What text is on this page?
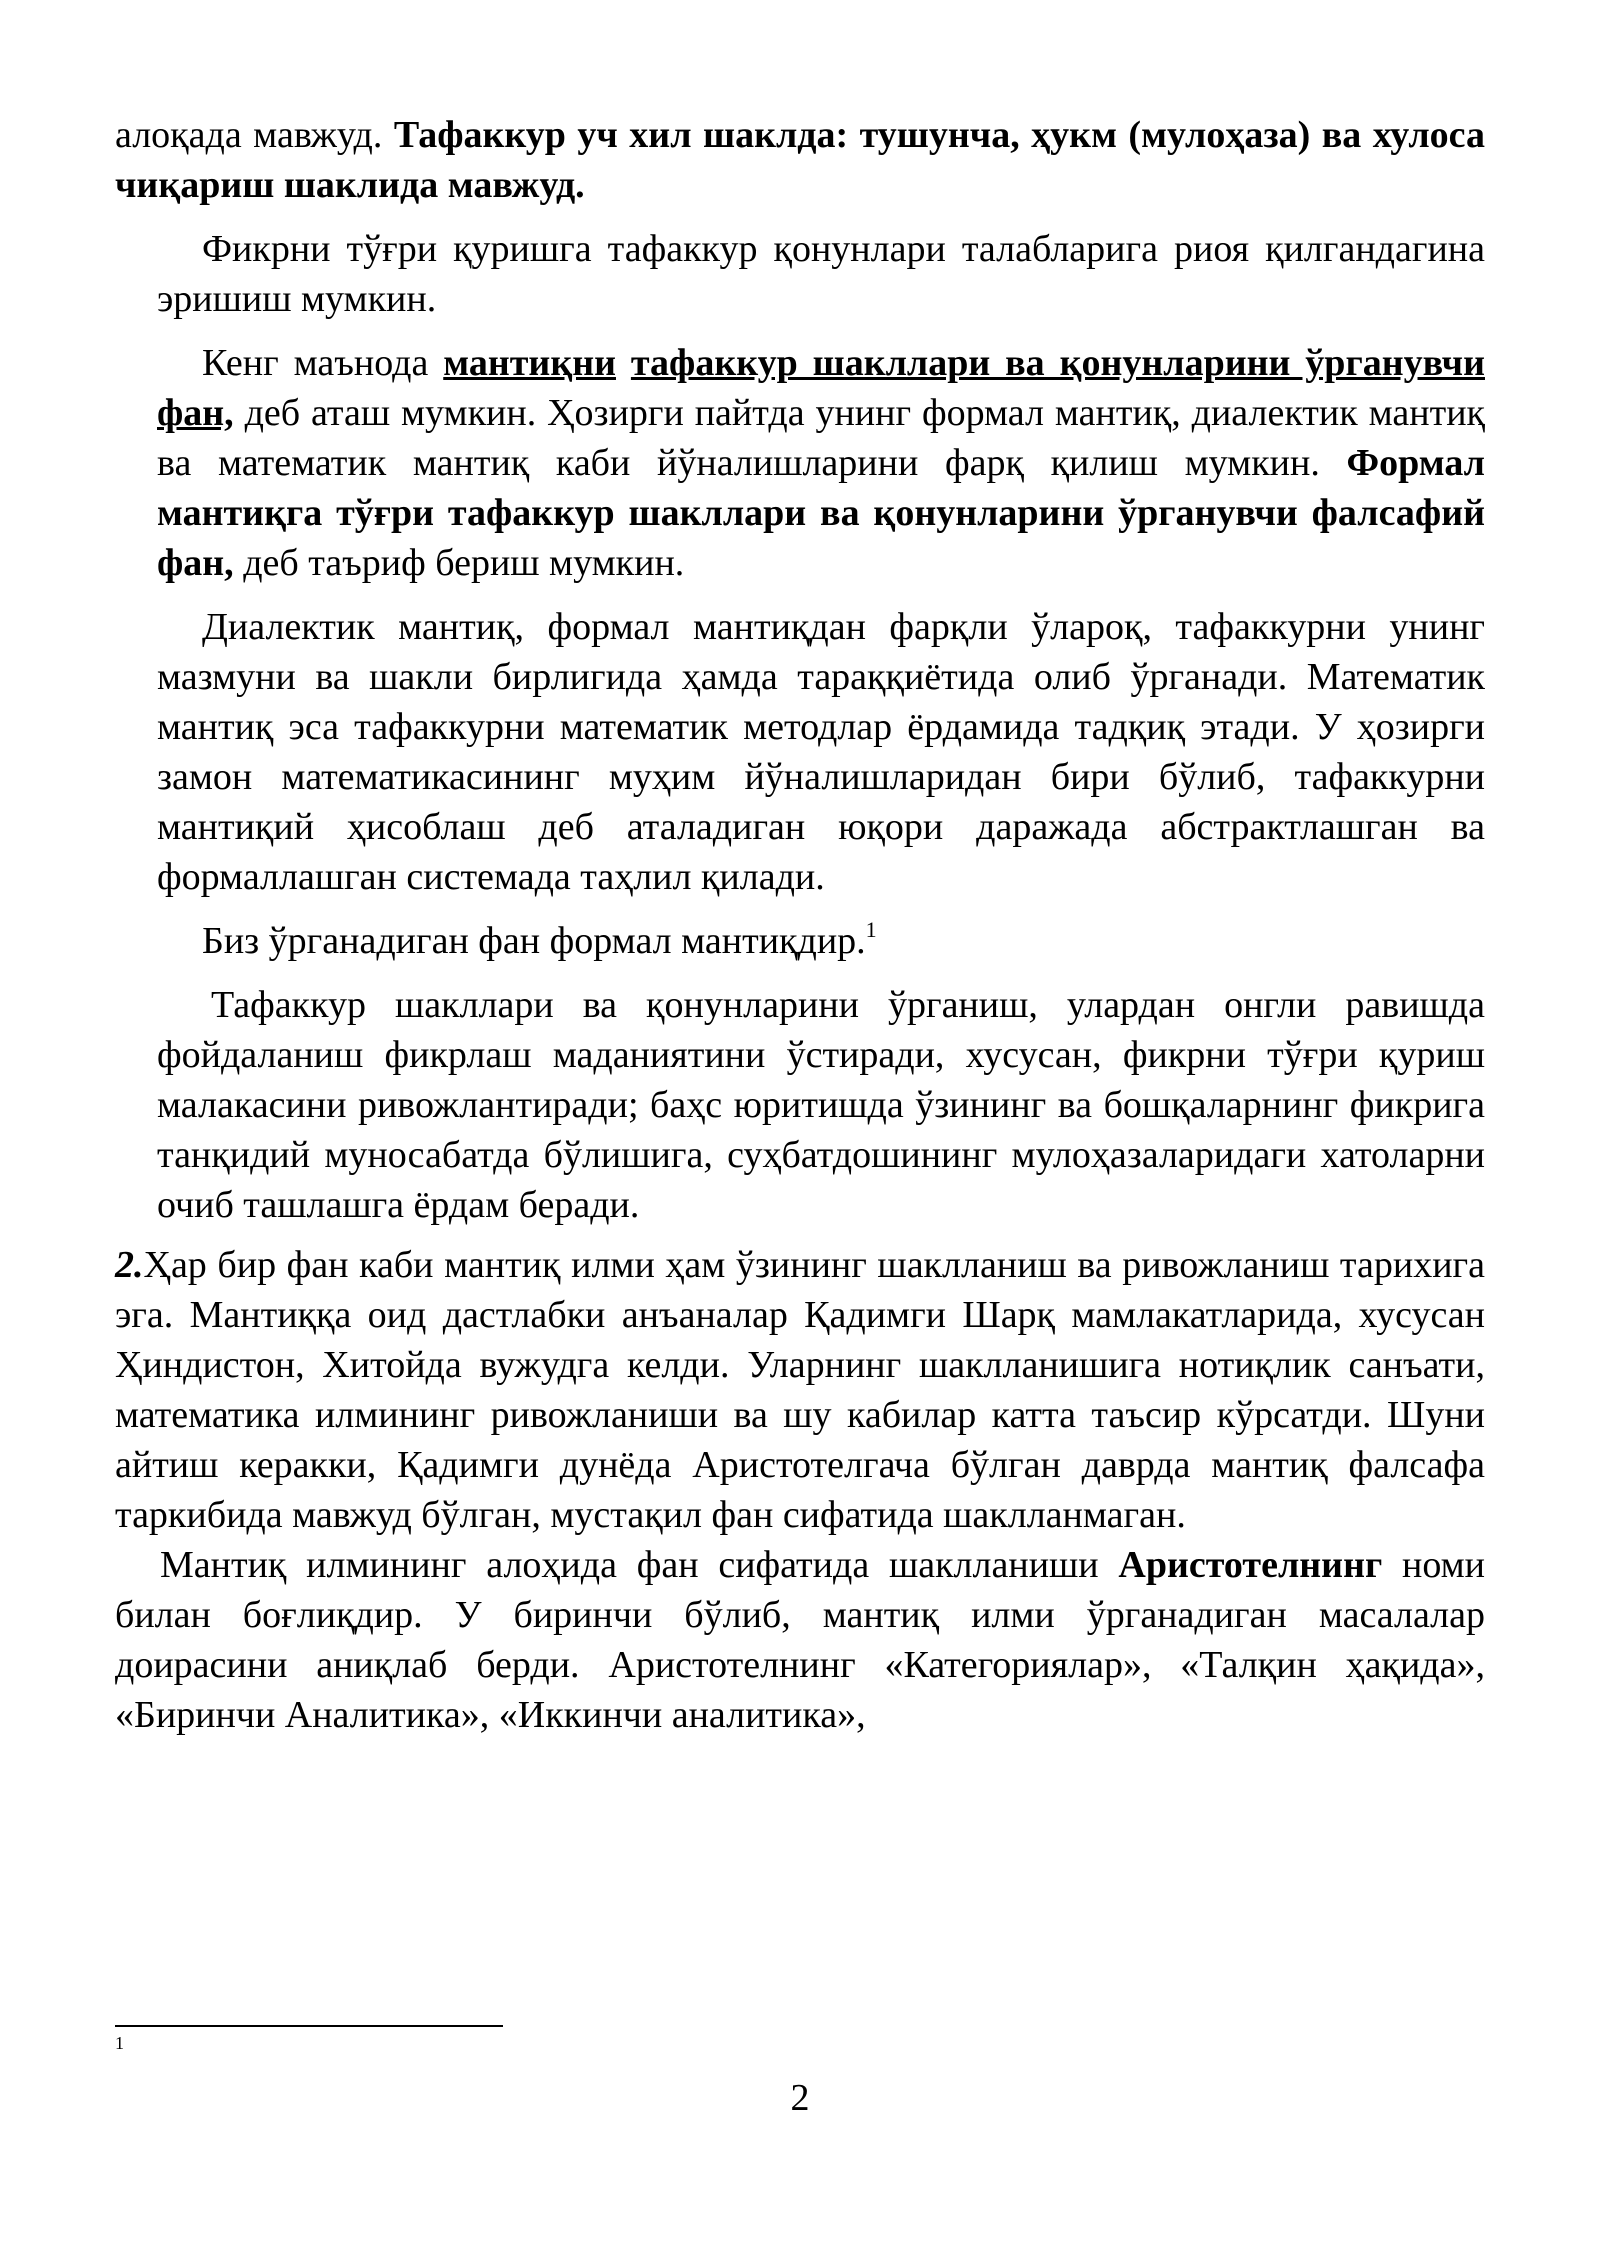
алоқада мавжуд. Тафаккур уч хил шаклда: тушунча, ҳукм (мулоҳаза) ва хулоса чиқариш шаклида мавжуд.

Фикрни тўғри қуришга тафаккур қонунлари талабларига риоя қилгандагина эришиш мумкин.

Кенг маънода мантиқни тафаккур шакллари ва қонунларини ўрганувчи фан, деб аташ мумкин. Ҳозирги пайтда унинг формал мантиқ, диалектик мантиқ ва математик мантиқ каби йўналишларини фарқ қилиш мумкин. Формал мантиқга тўғри тафаккур шакллари ва қонунларини ўрганувчи фалсафий фан, деб таъриф бериш мумкин.

Диалектик мантиқ, формал мантиқдан фарқли ўлароқ, тафаккурни унинг мазмуни ва шакли бирлигида ҳамда тараққиётида олиб ўрганади. Математик мантиқ эса тафаккурни математик методлар ёрдамида тадқиқ этади. У ҳозирги замон математикасининг муҳим йўналишларидан бири бўлиб, тафаккурни мантиқий ҳисоблаш деб аталадиган юқори даражада абстрактлашган ва формаллашган системада таҳлил қилади.

Биз ўрганадиган фан формал мантиқдир.$^1$

Тафаккур шакллари ва қонунларини ўрганиш, улардан онгли равишда фойдаланиш фикрлаш маданиятини ўстиради, хусусан, фикрни тўғри қуриш малакасини ривожлантиради; баҳс юритишда ўзининг ва бошқаларнинг фикрига танқидий муносабатда бўлишига, суҳбатдошининг мулоҳазаларидаги хатоларни очиб ташлашга ёрдам беради.

2.Ҳар бир фан каби мантиқ илми ҳам ўзининг шаклланиш ва ривожланиш тарихига эга. Мантиққа оид дастлабки анъаналар Қадимги Шарқ мамлакатларида, хусусан Ҳиндистон, Хитойда вужудга келди. Уларнинг шаклланишига нотиқлик санъати, математика илмининг ривожланиши ва шу кабилар катта таъсир кўрсатди. Шуни айтиш керакки, Қадимги дунёда Аристотелгача бўлган даврда мантиқ фалсафа таркибида мавжуд бўлган, мустақил фан сифатида шаклланмаган.

Мантиқ илмининг алоҳида фан сифатида шаклланиши Аристотелнинг номи билан боғлиқдир. У биринчи бўлиб, мантиқ илми ўрганадиган масалалар доирасини аниқлаб берди. Аристотелнинг «Категориялар», «Талқин ҳақида», «Биринчи Аналитика», «Иккинчи аналитика»,

1
2
